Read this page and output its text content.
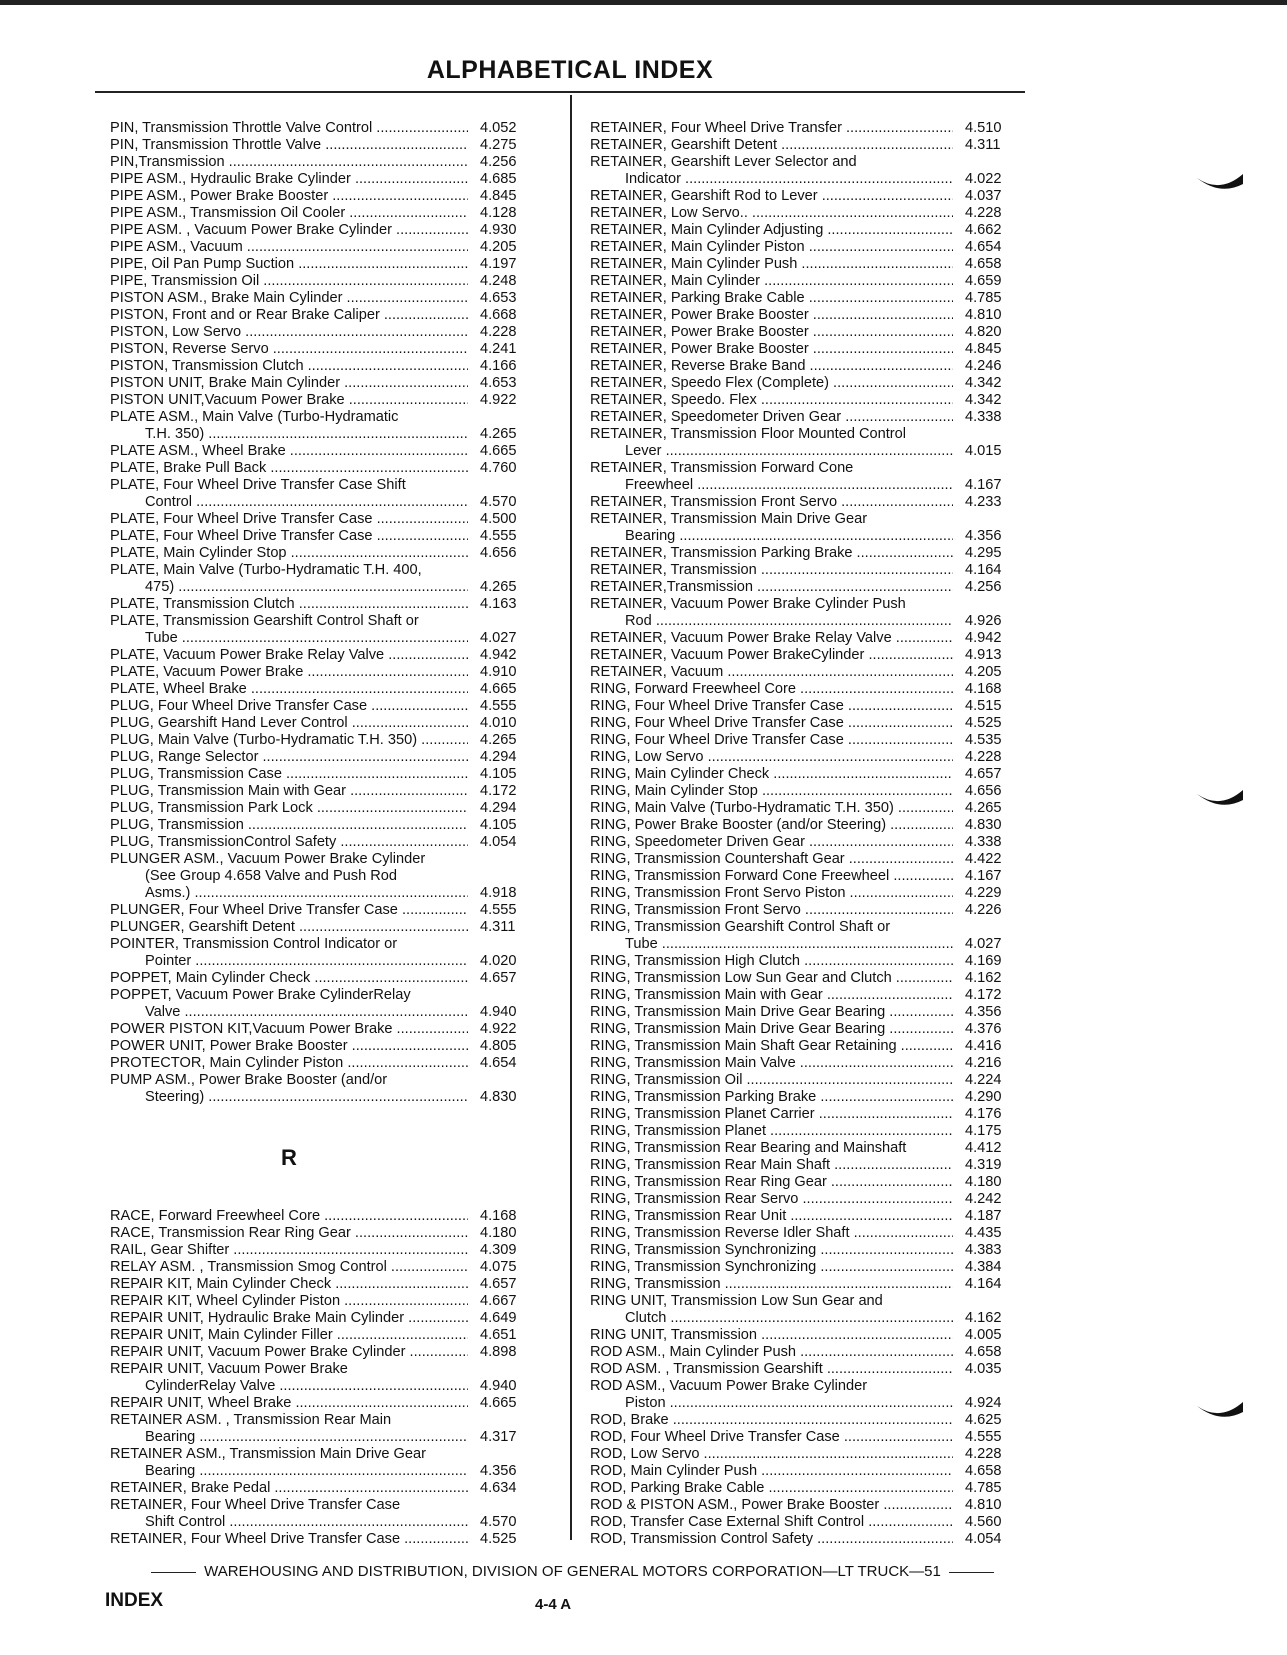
ALPHABETICAL INDEX
PIN, Transmission Throttle Valve Control .....	4.052
PIN, Transmission Throttle Valve .....	4.275
PIN,Transmission .....	4.256
PIPE ASM., Hydraulic Brake Cylinder .....	4.685
PIPE ASM., Power Brake Booster .....	4.845
PIPE ASM., Transmission Oil Cooler .....	4.128
PIPE ASM. , Vacuum Power Brake Cylinder .....	4.930
PIPE ASM., Vacuum .....	4.205
PIPE, Oil Pan Pump Suction .....	4.197
PIPE, Transmission Oil .....	4.248
PISTON ASM., Brake Main Cylinder .....	4.653
PISTON, Front and or Rear Brake Caliper .....	4.668
PISTON, Low Servo .....	4.228
PISTON, Reverse Servo .....	4.241
PISTON, Transmission Clutch .....	4.166
PISTON UNIT, Brake Main Cylinder .....	4.653
PISTON UNIT,Vacuum Power Brake .....	4.922
PLATE ASM., Main Valve (Turbo-Hydramatic
T.H. 350) .....	4.265
PLATE ASM., Wheel Brake .....	4.665
PLATE, Brake Pull Back .....	4.760
PLATE, Four Wheel Drive Transfer Case Shift
Control .....	4.570
PLATE, Four Wheel Drive Transfer Case .....	4.500
PLATE, Four Wheel Drive Transfer Case .....	4.555
PLATE, Main Cylinder Stop .....	4.656
PLATE, Main Valve (Turbo-Hydramatic T.H. 400,
475) .....	4.265
PLATE, Transmission Clutch .....	4.163
PLATE, Transmission Gearshift Control Shaft or
Tube .....	4.027
PLATE, Vacuum Power Brake Relay Valve .....	4.942
PLATE, Vacuum Power Brake .....	4.910
PLATE, Wheel Brake .....	4.665
PLUG, Four Wheel Drive Transfer Case .....	4.555
PLUG, Gearshift Hand Lever Control .....	4.010
PLUG, Main Valve (Turbo-Hydramatic T.H. 350) .....	4.265
PLUG, Range Selector .....	4.294
PLUG, Transmission Case .....	4.105
PLUG, Transmission Main with Gear .....	4.172
PLUG, Transmission Park Lock .....	4.294
PLUG, Transmission .....	4.105
PLUG, TransmissionControl Safety .....	4.054
PLUNGER ASM., Vacuum Power Brake Cylinder
(See Group 4.658 Valve and Push Rod
Asms.) .....	4.918
PLUNGER, Four Wheel Drive Transfer Case .....	4.555
PLUNGER, Gearshift Detent .....	4.311
POINTER, Transmission Control Indicator or
Pointer .....	4.020
POPPET, Main Cylinder Check .....	4.657
POPPET, Vacuum Power Brake CylinderRelay
Valve .....	4.940
POWER PISTON KIT,Vacuum Power Brake .....	4.922
POWER UNIT, Power Brake Booster .....	4.805
PROTECTOR, Main Cylinder Piston .....	4.654
PUMP ASM., Power Brake Booster (and/or
Steering) .....	4.830
R
RACE, Forward Freewheel Core .....	4.168
RACE, Transmission Rear Ring Gear .....	4.180
RAIL, Gear Shifter .....	4.309
RELAY ASM. , Transmission Smog Control .....	4.075
REPAIR KIT, Main Cylinder Check .....	4.657
REPAIR KIT, Wheel Cylinder Piston .....	4.667
REPAIR UNIT, Hydraulic Brake Main Cylinder .....	4.649
REPAIR UNIT, Main Cylinder Filler .....	4.651
REPAIR UNIT, Vacuum Power Brake Cylinder .....	4.898
REPAIR UNIT, Vacuum Power Brake
CylinderRelay Valve .....	4.940
REPAIR UNIT, Wheel Brake .....	4.665
RETAINER ASM. , Transmission Rear Main
Bearing .....	4.317
RETAINER ASM., Transmission Main Drive Gear
Bearing .....	4.356
RETAINER, Brake Pedal .....	4.634
RETAINER, Four Wheel Drive Transfer Case
Shift Control .....	4.570
RETAINER, Four Wheel Drive Transfer Case .....	4.525
RETAINER, Four Wheel Drive Transfer .....	4.510
RETAINER, Gearshift Detent .....	4.311
RETAINER, Gearshift Lever Selector and
Indicator .....	4.022
RETAINER, Gearshift Rod to Lever .....	4.037
RETAINER, Low Servo.. .....	4.228
RETAINER, Main Cylinder Adjusting .....	4.662
RETAINER, Main Cylinder Piston .....	4.654
RETAINER, Main Cylinder Push .....	4.658
RETAINER, Main Cylinder .....	4.659
RETAINER, Parking Brake Cable .....	4.785
RETAINER, Power Brake Booster .....	4.810
RETAINER, Power Brake Booster .....	4.820
RETAINER, Power Brake Booster .....	4.845
RETAINER, Reverse Brake Band .....	4.246
RETAINER, Speedo Flex (Complete) .....	4.342
RETAINER, Speedo. Flex .....	4.342
RETAINER, Speedometer Driven Gear .....	4.338
RETAINER, Transmission Floor Mounted Control
Lever .....	4.015
RETAINER, Transmission Forward Cone
Freewheel .....	4.167
RETAINER, Transmission Front Servo .....	4.233
RETAINER, Transmission Main Drive Gear
Bearing .....	4.356
RETAINER, Transmission Parking Brake .....	4.295
RETAINER, Transmission .....	4.164
RETAINER,Transmission .....	4.256
RETAINER, Vacuum Power Brake Cylinder Push
Rod .....	4.926
RETAINER, Vacuum Power Brake Relay Valve .....	4.942
RETAINER, Vacuum Power BrakeCylinder .....	4.913
RETAINER, Vacuum .....	4.205
RING, Forward Freewheel Core .....	4.168
RING, Four Wheel Drive Transfer Case .....	4.515
RING, Four Wheel Drive Transfer Case .....	4.525
RING, Four Wheel Drive Transfer Case .....	4.535
RING, Low Servo .....	4.228
RING, Main Cylinder Check .....	4.657
RING, Main Cylinder Stop .....	4.656
RING, Main Valve (Turbo-Hydramatic T.H. 350) .....	4.265
RING, Power Brake Booster (and/or Steering) .....	4.830
RING, Speedometer Driven Gear .....	4.338
RING, Transmission Countershaft Gear .....	4.422
RING, Transmission Forward Cone Freewheel .....	4.167
RING, Transmission Front Servo Piston .....	4.229
RING, Transmission Front Servo .....	4.226
RING, Transmission Gearshift Control Shaft or
Tube .....	4.027
RING, Transmission High Clutch .....	4.169
RING, Transmission Low Sun Gear and Clutch .....	4.162
RING, Transmission Main with Gear .....	4.172
RING, Transmission Main Drive Gear Bearing .....	4.356
RING, Transmission Main Drive Gear Bearing .....	4.376
RING, Transmission Main Shaft Gear Retaining .....	4.416
RING, Transmission Main Valve .....	4.216
RING, Transmission Oil .....	4.224
RING, Transmission Parking Brake .....	4.290
RING, Transmission Planet Carrier .....	4.176
RING, Transmission Planet .....	4.175
RING, Transmission Rear Bearing and Mainshaft	4.412
RING, Transmission Rear Main Shaft .....	4.319
RING, Transmission Rear Ring Gear .....	4.180
RING, Transmission Rear Servo .....	4.242
RING, Transmission Rear Unit .....	4.187
RING, Transmission Reverse Idler Shaft .....	4.435
RING, Transmission Synchronizing .....	4.383
RING, Transmission Synchronizing .....	4.384
RING, Transmission .....	4.164
RING UNIT, Transmission Low Sun Gear and
Clutch .....	4.162
RING UNIT, Transmission .....	4.005
ROD ASM., Main Cylinder Push .....	4.658
ROD ASM. , Transmission Gearshift .....	4.035
ROD ASM., Vacuum Power Brake Cylinder
Piston .....	4.924
ROD, Brake .....	4.625
ROD, Four Wheel Drive Transfer Case .....	4.555
ROD, Low Servo .....	4.228
ROD, Main Cylinder Push .....	4.658
ROD, Parking Brake Cable .....	4.785
ROD & PISTON ASM., Power Brake Booster .....	4.810
ROD, Transfer Case External Shift Control .....	4.560
ROD, Transmission Control Safety .....	4.054
WAREHOUSING AND DISTRIBUTION, DIVISION OF GENERAL MOTORS CORPORATION—LT TRUCK—51
INDEX	4-4 A
